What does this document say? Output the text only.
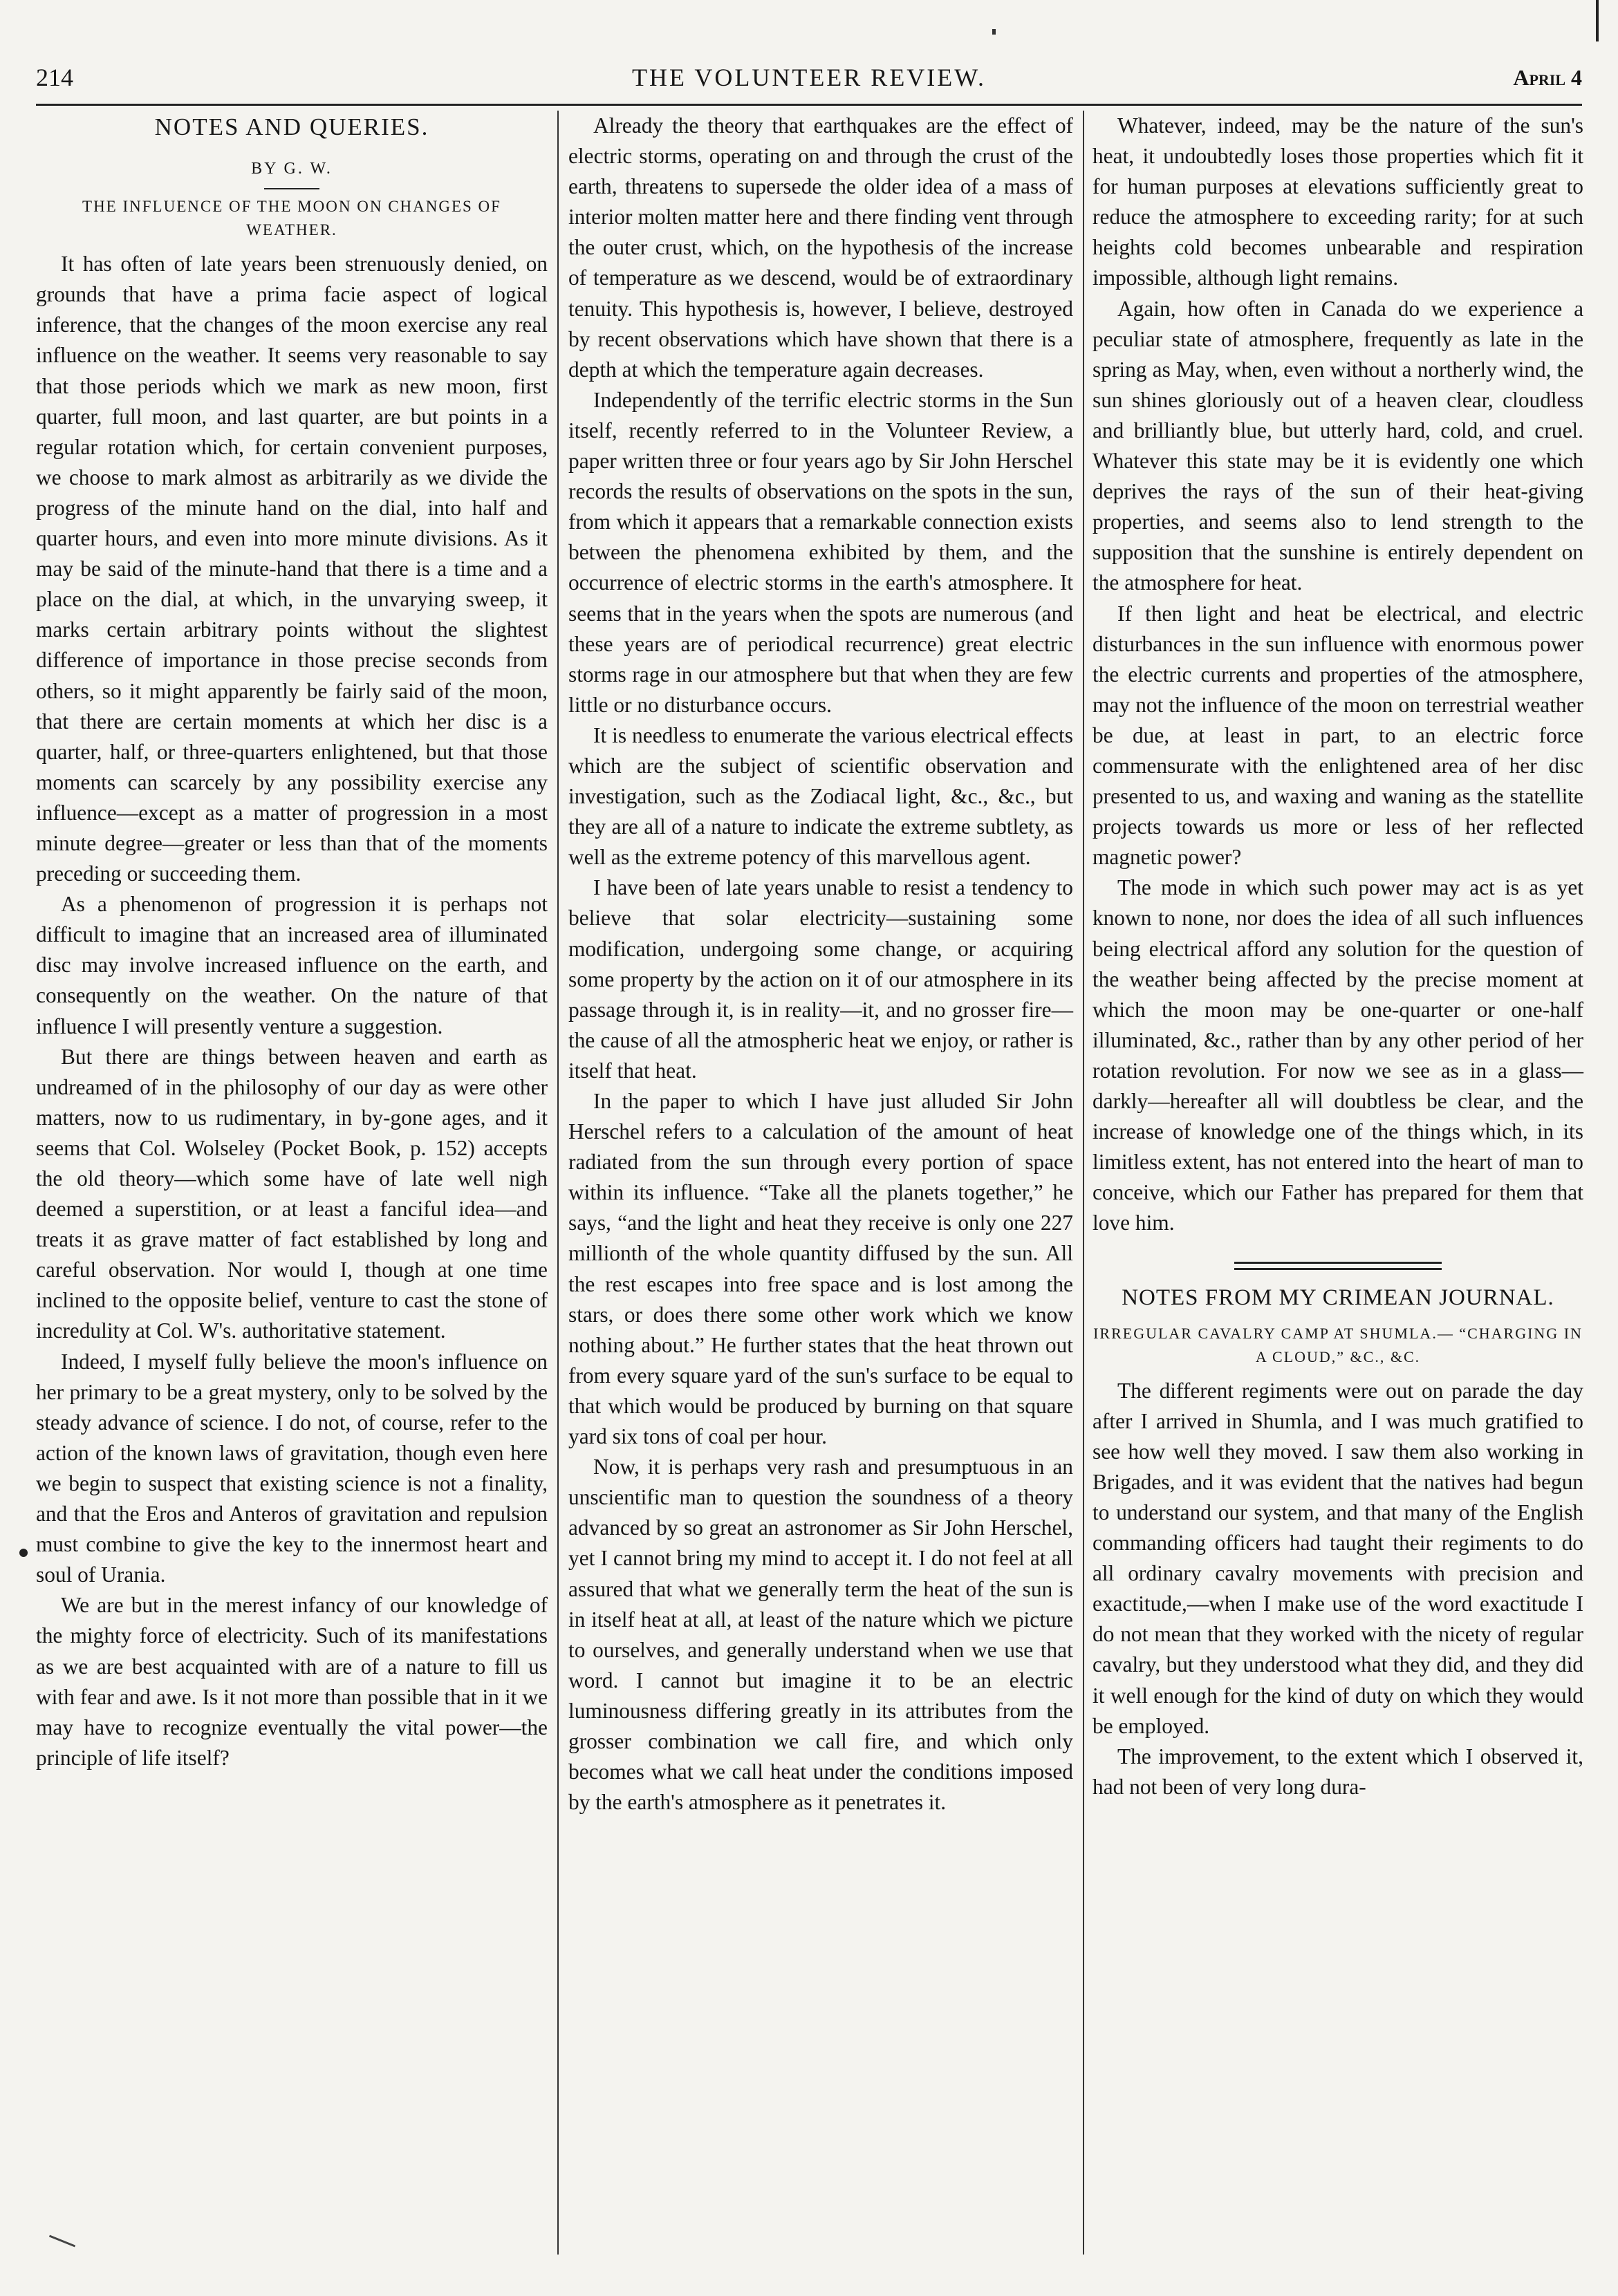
214	THE VOLUNTEER REVIEW.	April 4

NOTES AND QUERIES.

BY G. W.

THE INFLUENCE OF THE MOON ON CHANGES OF WEATHER.

It has often of late years been strenuously denied, on grounds that have a prima facie aspect of logical inference, that the changes of the moon exercise any real influence on the weather. It seems very reasonable to say that those periods which we mark as new moon, first quarter, full moon, and last quarter, are but points in a regular rotation which, for certain convenient purposes, we choose to mark almost as arbitrarily as we divide the progress of the minute hand on the dial, into half and quarter hours, and even into more minute divisions. As it may be said of the minute-hand that there is a time and a place on the dial, at which, in the unvarying sweep, it marks certain arbitrary points without the slightest difference of importance in those precise seconds from others, so it might apparently be fairly said of the moon, that there are certain moments at which her disc is a quarter, half, or three-quarters enlightened, but that those moments can scarcely by any possibility exercise any influence—except as a matter of progression in a most minute degree—greater or less than that of the moments preceding or succeeding them.

As a phenomenon of progression it is perhaps not difficult to imagine that an increased area of illuminated disc may involve increased influence on the earth, and consequently on the weather. On the nature of that influence I will presently venture a suggestion.

But there are things between heaven and earth as undreamed of in the philosophy of our day as were other matters, now to us rudimentary, in by-gone ages, and it seems that Col. Wolseley (Pocket Book, p. 152) accepts the old theory—which some have of late well nigh deemed a superstition, or at least a fanciful idea—and treats it as grave matter of fact established by long and careful observation. Nor would I, though at one time inclined to the opposite belief, venture to cast the stone of incredulity at Col. W's. authoritative statement.

Indeed, I myself fully believe the moon's influence on her primary to be a great mystery, only to be solved by the steady advance of science. I do not, of course, refer to the action of the known laws of gravitation, though even here we begin to suspect that existing science is not a finality, and that the Eros and Anteros of gravitation and repulsion must combine to give the key to the innermost heart and soul of Urania.

We are but in the merest infancy of our knowledge of the mighty force of electricity. Such of its manifestations as we are best acquainted with are of a nature to fill us with fear and awe. Is it not more than possible that in it we may have to recognize eventually the vital power—the principle of life itself?

Already the theory that earthquakes are the effect of electric storms, operating on and through the crust of the earth, threatens to supersede the older idea of a mass of interior molten matter here and there finding vent through the outer crust, which, on the hypothesis of the increase of temperature as we descend, would be of extraordinary tenuity. This hypothesis is, however, I believe, destroyed by recent observations which have shown that there is a depth at which the temperature again decreases.

Independently of the terrific electric storms in the Sun itself, recently referred to in the Volunteer Review, a paper written three or four years ago by Sir John Herschel records the results of observations on the spots in the sun, from which it appears that a remarkable connection exists between the phenomena exhibited by them, and the occurrence of electric storms in the earth's atmosphere. It seems that in the years when the spots are numerous (and these years are of periodical recurrence) great electric storms rage in our atmosphere but that when they are few little or no disturbance occurs.

It is needless to enumerate the various electrical effects which are the subject of scientific observation and investigation, such as the Zodiacal light, &c., &c., but they are all of a nature to indicate the extreme subtlety, as well as the extreme potency of this marvellous agent.

I have been of late years unable to resist a tendency to believe that solar electricity—sustaining some modification, undergoing some change, or acquiring some property by the action on it of our atmosphere in its passage through it, is in reality—it, and no grosser fire— the cause of all the atmospheric heat we enjoy, or rather is itself that heat.

In the paper to which I have just alluded Sir John Herschel refers to a calculation of the amount of heat radiated from the sun through every portion of space within its influence. “Take all the planets together,” he says, “and the light and heat they receive is only one 227 millionth of the whole quantity diffused by the sun. All the rest escapes into free space and is lost among the stars, or does there some other work which we know nothing about.” He further states that the heat thrown out from every square yard of the sun's surface to be equal to that which would be produced by burning on that square yard six tons of coal per hour.

Now, it is perhaps very rash and presumptuous in an unscientific man to question the soundness of a theory advanced by so great an astronomer as Sir John Herschel, yet I cannot bring my mind to accept it. I do not feel at all assured that what we generally term the heat of the sun is in itself heat at all, at least of the nature which we picture to ourselves, and generally understand when we use that word. I cannot but imagine it to be an electric luminousness differing greatly in its attributes from the grosser combination we call fire, and which only becomes what we call heat under the conditions imposed by the earth's atmosphere as it penetrates it.

Whatever, indeed, may be the nature of the sun's heat, it undoubtedly loses those properties which fit it for human purposes at elevations sufficiently great to reduce the atmosphere to exceeding rarity; for at such heights cold becomes unbearable and respiration impossible, although light remains.

Again, how often in Canada do we experience a peculiar state of atmosphere, frequently as late in the spring as May, when, even without a northerly wind, the sun shines gloriously out of a heaven clear, cloudless and brilliantly blue, but utterly hard, cold, and cruel. Whatever this state may be it is evidently one which deprives the rays of the sun of their heat-giving properties, and seems also to lend strength to the supposition that the sunshine is entirely dependent on the atmosphere for heat.

If then light and heat be electrical, and electric disturbances in the sun influence with enormous power the electric currents and properties of the atmosphere, may not the influence of the moon on terrestrial weather be due, at least in part, to an electric force commensurate with the enlightened area of her disc presented to us, and waxing and waning as the statellite projects towards us more or less of her reflected magnetic power?

The mode in which such power may act is as yet known to none, nor does the idea of all such influences being electrical afford any solution for the question of the weather being affected by the precise moment at which the moon may be one-quarter or one-half illuminated, &c., rather than by any other period of her rotation revolution. For now we see as in a glass—darkly—hereafter all will doubtless be clear, and the increase of knowledge one of the things which, in its limitless extent, has not entered into the heart of man to conceive, which our Father has prepared for them that love him.

NOTES FROM MY CRIMEAN JOURNAL.

IRREGULAR CAVALRY CAMP AT SHUMLA.— “CHARGING IN A CLOUD,” &C., &C.

The different regiments were out on parade the day after I arrived in Shumla, and I was much gratified to see how well they moved. I saw them also working in Brigades, and it was evident that the natives had begun to understand our system, and that many of the English commanding officers had taught their regiments to do all ordinary cavalry movements with precision and exactitude,—when I make use of the word exactitude I do not mean that they worked with the nicety of regular cavalry, but they understood what they did, and they did it well enough for the kind of duty on which they would be employed.

The improvement, to the extent which I observed it, had not been of very long dura-
